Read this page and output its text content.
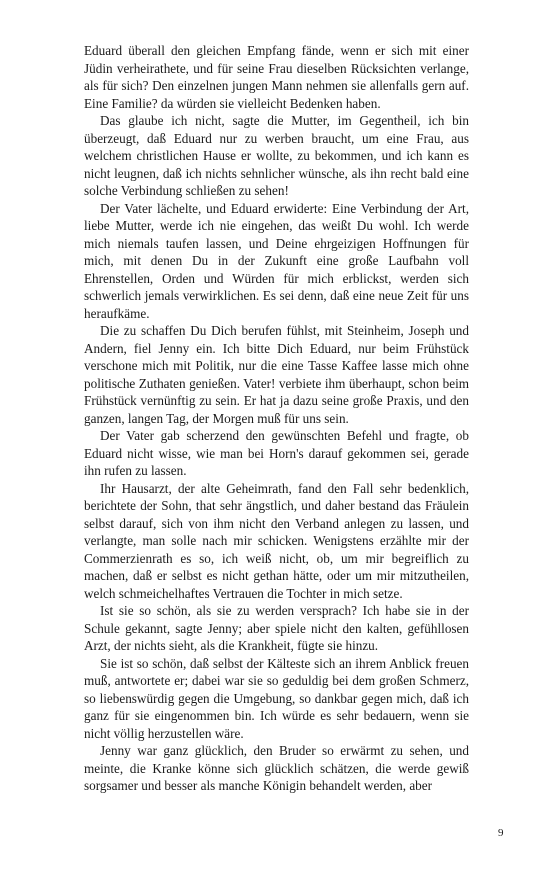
Eduard überall den gleichen Empfang fände, wenn er sich mit einer Jüdin verheirathete, und für seine Frau dieselben Rücksichten verlange, als für sich? Den einzelnen jungen Mann nehmen sie allenfalls gern auf. Eine Familie? da würden sie vielleicht Bedenken haben.

Das glaube ich nicht, sagte die Mutter, im Gegentheil, ich bin überzeugt, daß Eduard nur zu werben braucht, um eine Frau, aus welchem christlichen Hause er wollte, zu bekommen, und ich kann es nicht leugnen, daß ich nichts sehnlicher wünsche, als ihn recht bald eine solche Verbindung schließen zu sehen!

Der Vater lächelte, und Eduard erwiderte: Eine Verbindung der Art, liebe Mutter, werde ich nie eingehen, das weißt Du wohl. Ich werde mich niemals taufen lassen, und Deine ehrgeizigen Hoffnungen für mich, mit denen Du in der Zukunft eine große Laufbahn voll Ehrenstellen, Orden und Würden für mich erblickst, werden sich schwerlich jemals verwirklichen. Es sei denn, daß eine neue Zeit für uns heraufkäme.

Die zu schaffen Du Dich berufen fühlst, mit Steinheim, Joseph und Andern, fiel Jenny ein. Ich bitte Dich Eduard, nur beim Frühstück verschone mich mit Politik, nur die eine Tasse Kaffee lasse mich ohne politische Zuthaten genießen. Vater! verbiete ihm überhaupt, schon beim Frühstück vernünftig zu sein. Er hat ja dazu seine große Praxis, und den ganzen, langen Tag, der Morgen muß für uns sein.

Der Vater gab scherzend den gewünschten Befehl und fragte, ob Eduard nicht wisse, wie man bei Horn's darauf gekommen sei, gerade ihn rufen zu lassen.

Ihr Hausarzt, der alte Geheimrath, fand den Fall sehr bedenklich, berichtete der Sohn, that sehr ängstlich, und daher bestand das Fräulein selbst darauf, sich von ihm nicht den Verband anlegen zu lassen, und verlangte, man solle nach mir schicken. Wenigstens erzählte mir der Commerzienrath es so, ich weiß nicht, ob, um mir begreiflich zu machen, daß er selbst es nicht gethan hätte, oder um mir mitzutheilen, welch schmeichelhaftes Vertrauen die Tochter in mich setze.

Ist sie so schön, als sie zu werden versprach? Ich habe sie in der Schule gekannt, sagte Jenny; aber spiele nicht den kalten, gefühllosen Arzt, der nichts sieht, als die Krankheit, fügte sie hinzu.

Sie ist so schön, daß selbst der Kälteste sich an ihrem Anblick freuen muß, antwortete er; dabei war sie so geduldig bei dem großen Schmerz, so liebenswürdig gegen die Umgebung, so dankbar gegen mich, daß ich ganz für sie eingenommen bin. Ich würde es sehr bedauern, wenn sie nicht völlig herzustellen wäre.

Jenny war ganz glücklich, den Bruder so erwärmt zu sehen, und meinte, die Kranke könne sich glücklich schätzen, die werde gewiß sorgsamer und besser als manche Königin behandelt werden, aber

9
